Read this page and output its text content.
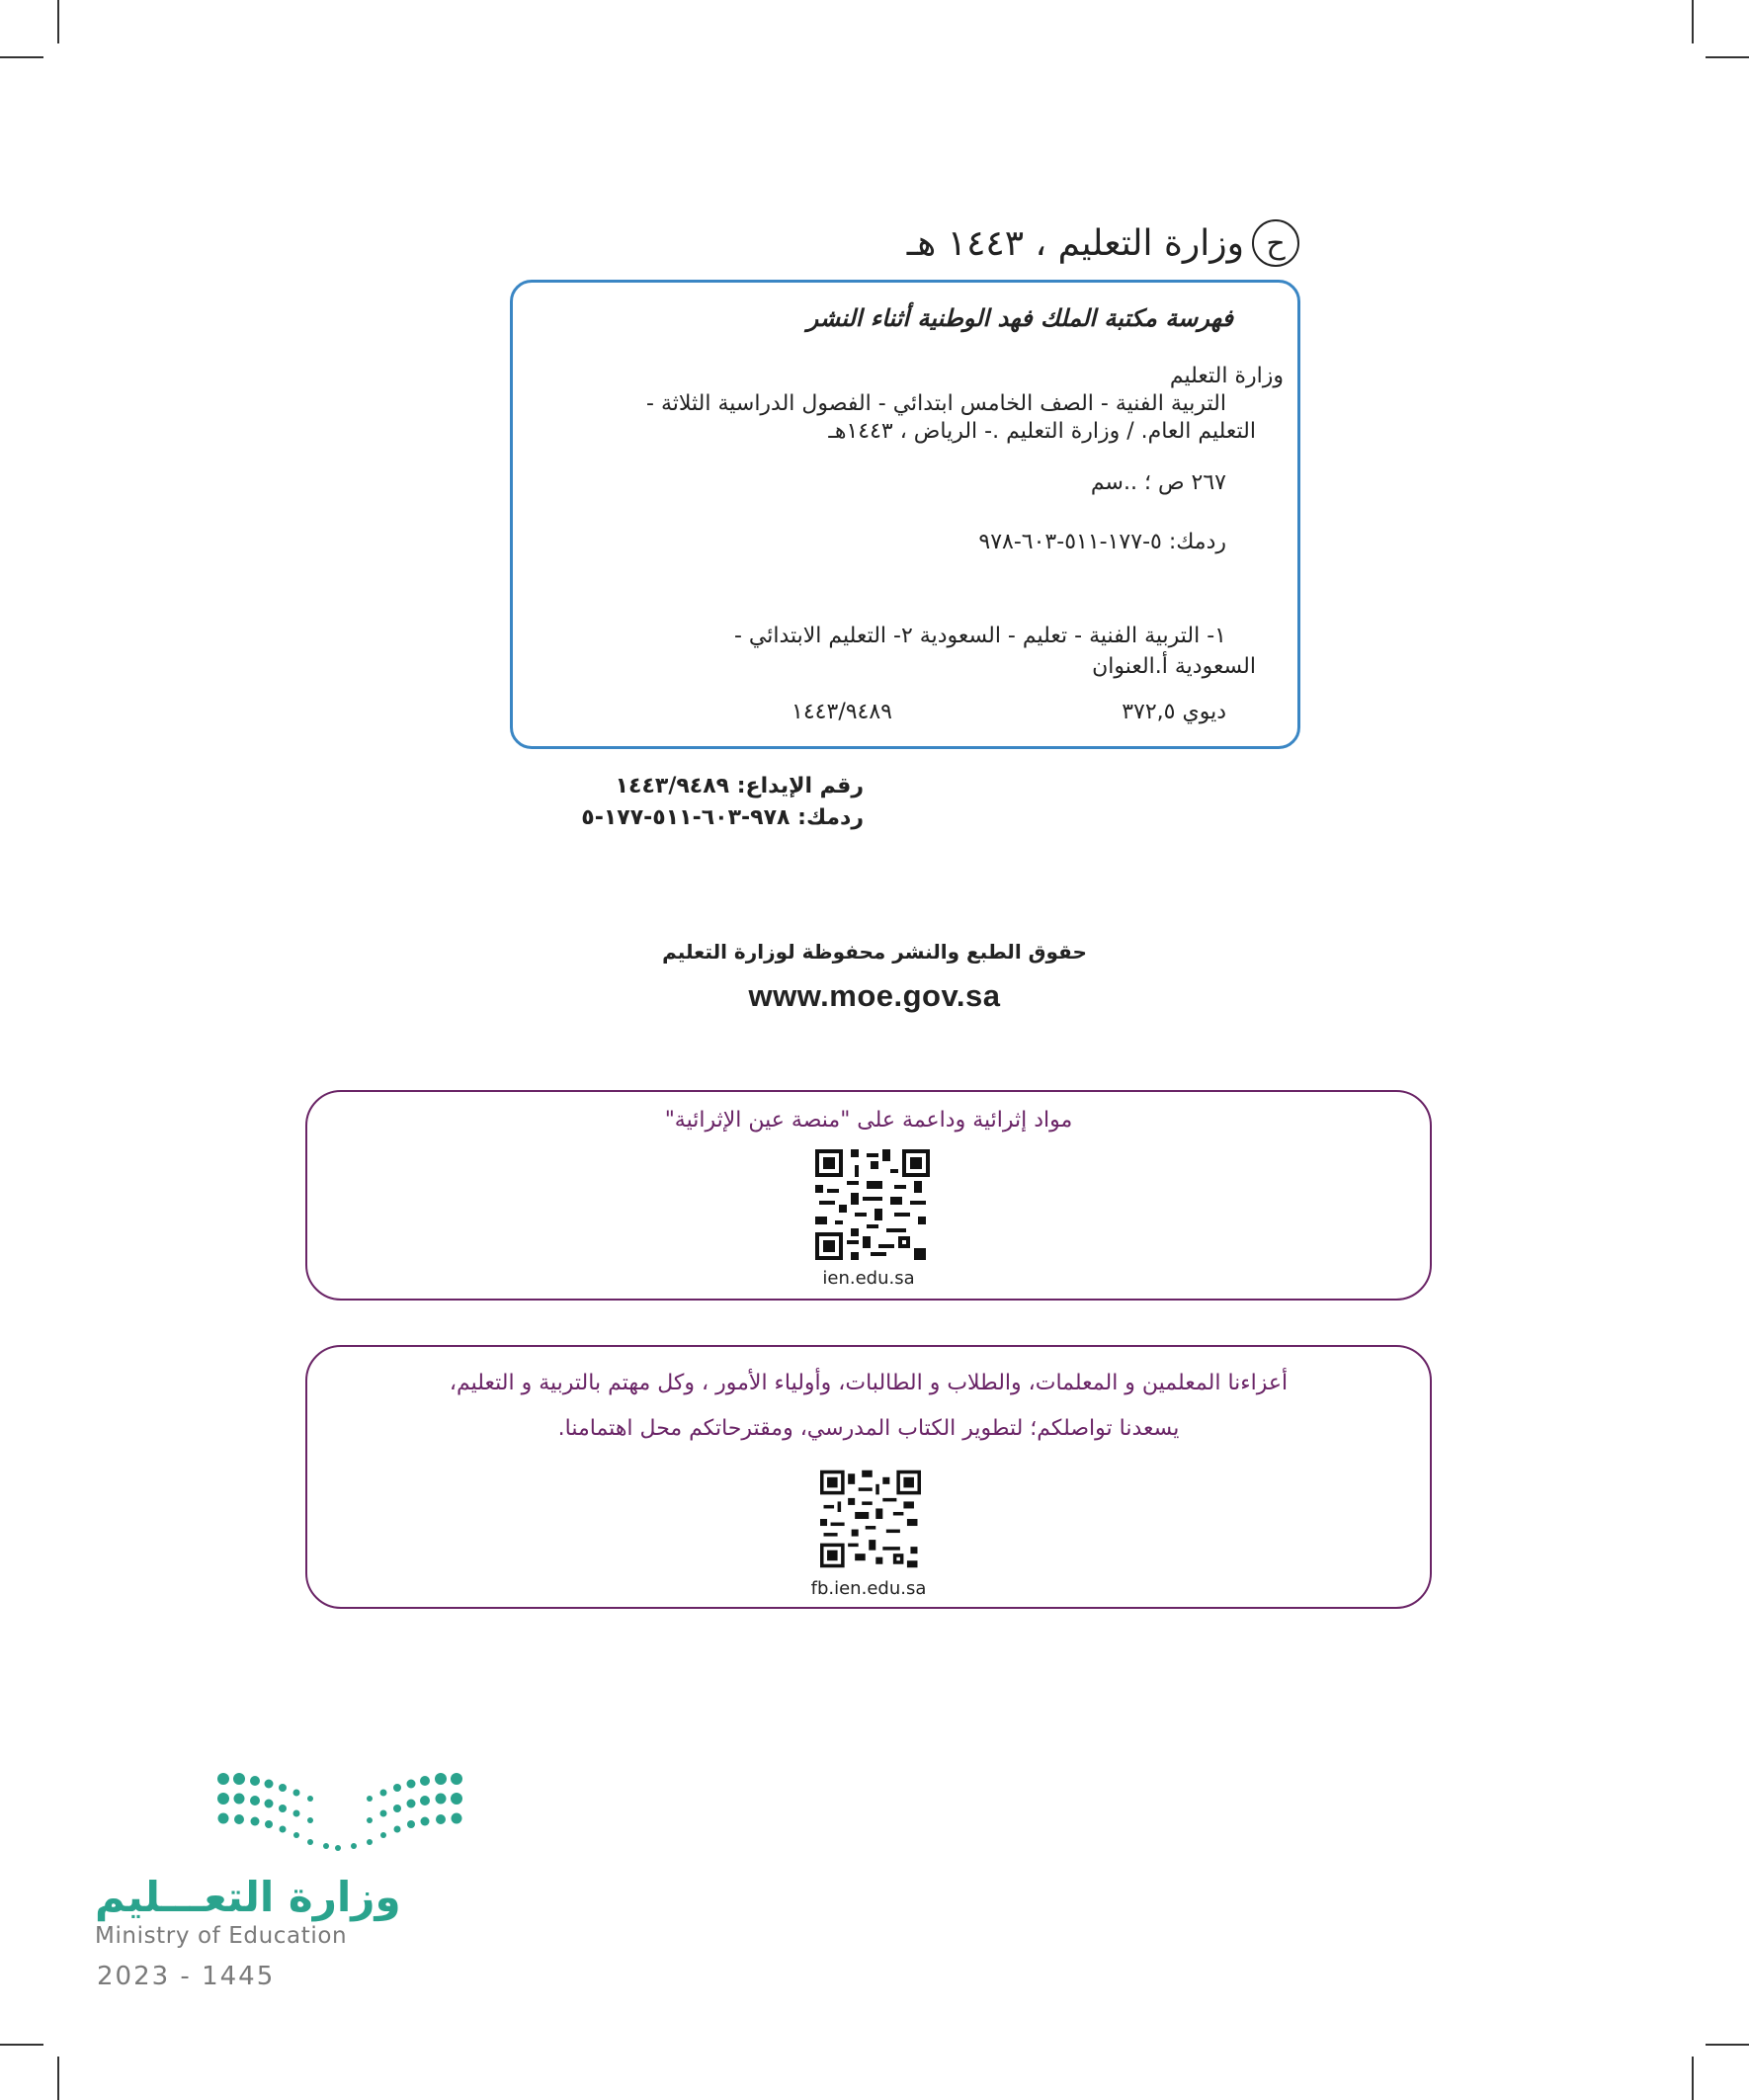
ح
وزارة التعليم ، ١٤٤٣ هـ
فهرسة مكتبة الملك فهد الوطنية أثناء النشر
وزارة التعليم
التربية الفنية - الصف الخامس ابتدائي - الفصول الدراسية الثلاثة -
التعليم العام. / وزارة التعليم .- الرياض ، ١٤٤٣هـ
٢٦٧ ص ؛ ..سم
ردمك: ٥-١٧٧-٥١١-٦٠٣-٩٧٨
١- التربية الفنية - تعليم - السعودية ٢- التعليم الابتدائي -
السعودية أ.العنوان
ديوي ٣٧٢,٥
١٤٤٣/٩٤٨٩
رقم الإيداع: ١٤٤٣/٩٤٨٩
ردمك: ٩٧٨-٦٠٣-٥١١-١٧٧-٥
حقوق الطبع والنشر محفوظة لوزارة التعليم
www.moe.gov.sa
مواد إثرائية وداعمة على "منصة عين الإثرائية"
ien.edu.sa
أعزاءنا المعلمين و المعلمات، والطلاب و الطالبات، وأولياء الأمور ، وكل مهتم بالتربية و التعليم،
يسعدنا تواصلكم؛ لتطوير الكتاب المدرسي، ومقترحاتكم محل اهتمامنا.
fb.ien.edu.sa
وزارة التعـــليم
Ministry of Education
2023 - 1445
